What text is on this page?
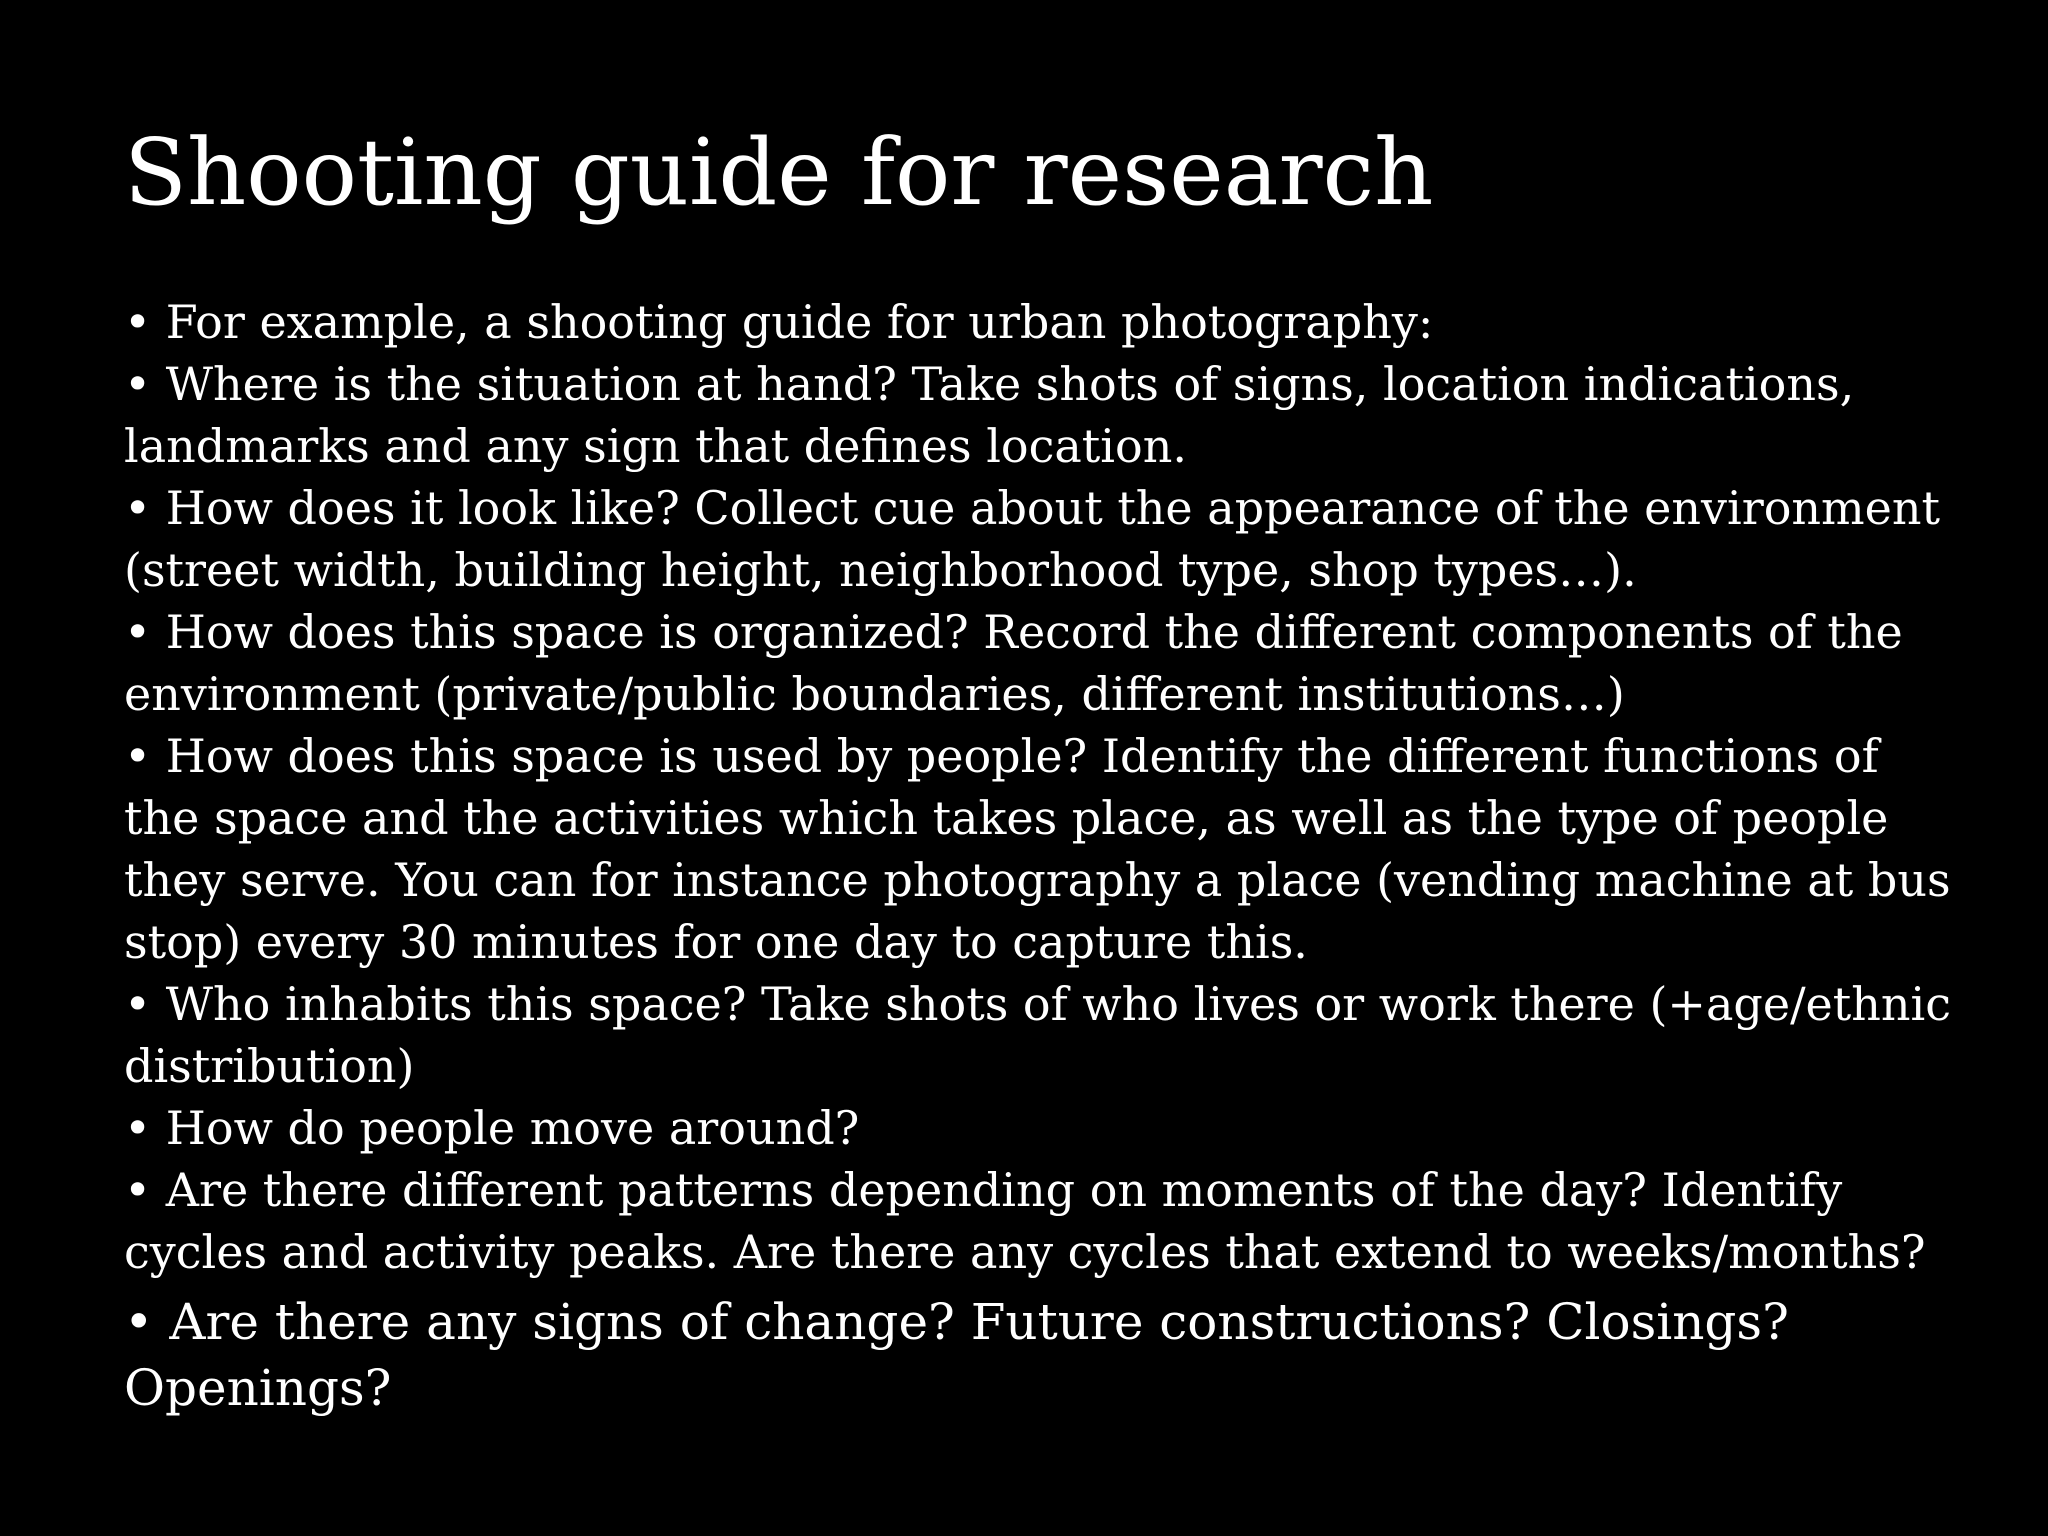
Shooting guide for research
• For example, a shooting guide for urban photography:
• Where is the situation at hand? Take shots of signs, location indications,
landmarks and any sign that defines location.
• How does it look like? Collect cue about the appearance of the environment
(street width, building height, neighborhood type, shop types…).
• How does this space is organized? Record the different components of the
environment (private/public boundaries, different institutions…)
• How does this space is used by people? Identify the different functions of
the space and the activities which takes place, as well as the type of people
they serve. You can for instance photography a place (vending machine at bus
stop) every 30 minutes for one day to capture this.
• Who inhabits this space? Take shots of who lives or work there (+age/ethnic
distribution)
• How do people move around?
• Are there different patterns depending on moments of the day? Identify
cycles and activity peaks. Are there any cycles that extend to weeks/months?
• Are there any signs of change? Future constructions? Closings?
Openings?
